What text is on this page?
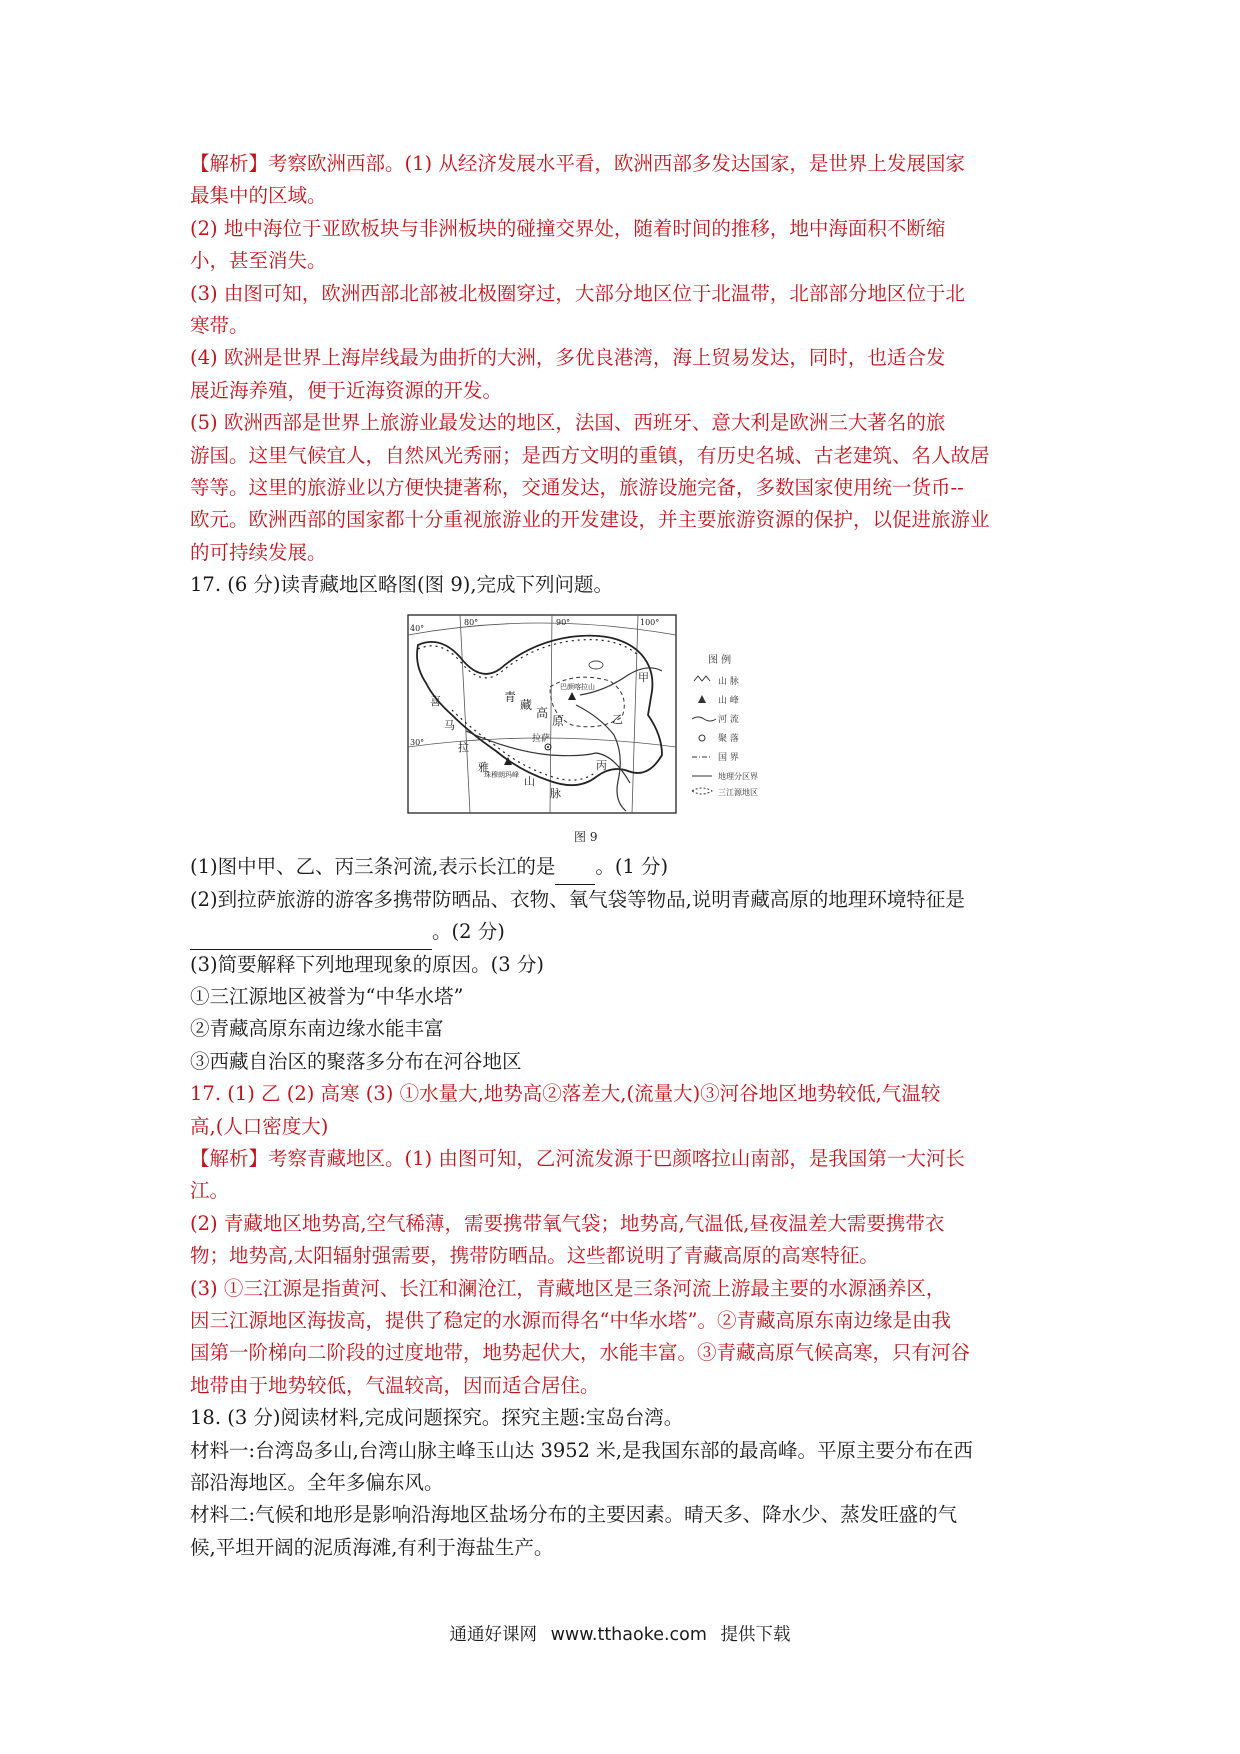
【解析】考察欧洲西部。(1) 从经济发展水平看，欧洲西部多发达国家，是世界上发展国家
最集中的区域。
(2) 地中海位于亚欧板块与非洲板块的碰撞交界处，随着时间的推移，地中海面积不断缩
小，甚至消失。
(3) 由图可知，欧洲西部北部被北极圈穿过，大部分地区位于北温带，北部部分地区位于北
寒带。
(4) 欧洲是世界上海岸线最为曲折的大洲，多优良港湾，海上贸易发达，同时，也适合发
展近海养殖，便于近海资源的开发。
(5) 欧洲西部是世界上旅游业最发达的地区，法国、西班牙、意大利是欧洲三大著名的旅
游国。这里气候宜人，自然风光秀丽；是西方文明的重镇，有历史名城、古老建筑、名人故居
等等。这里的旅游业以方便快捷著称，交通发达，旅游设施完备，多数国家使用统一货币--
欧元。欧洲西部的国家都十分重视旅游业的开发建设，并主要旅游资源的保护，以促进旅游业
的可持续发展。
17. (6 分)读青藏地区略图(图 9),完成下列问题。
甲
乙
丙
拉萨
青
藏
高
原
喜
马
拉
雅
山
脉
巴颜喀拉山
珠穆朗玛峰
40°
30°
80°	90°	100°
图 例
山 脉
山 峰
河 流
聚 落
国 界
地理分区界
三江源地区
图 9
(1)图中甲、乙、丙三条河流,表示长江的是 。(1 分)
(2)到拉萨旅游的游客多携带防晒品、衣物、氧气袋等物品,说明青藏高原的地理环境特征是
。(2 分)
(3)简要解释下列地理现象的原因。(3 分)
①三江源地区被誉为“中华水塔”
②青藏高原东南边缘水能丰富
③西藏自治区的聚落多分布在河谷地区
17. (1) 乙 (2) 高寒 (3) ①水量大,地势高②落差大,(流量大)③河谷地区地势较低,气温较
高,(人口密度大)
【解析】考察青藏地区。(1) 由图可知，乙河流发源于巴颜喀拉山南部，是我国第一大河长
江。
(2) 青藏地区地势高,空气稀薄，需要携带氧气袋；地势高,气温低,昼夜温差大需要携带衣
物；地势高,太阳辐射强需要，携带防晒品。这些都说明了青藏高原的高寒特征。
(3) ①三江源是指黄河、长江和澜沧江，青藏地区是三条河流上游最主要的水源涵养区，
因三江源地区海拔高，提供了稳定的水源而得名“中华水塔”。②青藏高原东南边缘是由我
国第一阶梯向二阶段的过度地带，地势起伏大，水能丰富。③青藏高原气候高寒，只有河谷
地带由于地势较低，气温较高，因而适合居住。
18. (3 分)阅读材料,完成问题探究。探究主题:宝岛台湾。
材料一:台湾岛多山,台湾山脉主峰玉山达 3952 米,是我国东部的最高峰。平原主要分布在西
部沿海地区。全年多偏东风。
材料二:气候和地形是影响沿海地区盐场分布的主要因素。晴天多、降水少、蒸发旺盛的气
候,平坦开阔的泥质海滩,有利于海盐生产。
通通好课网 www.tthaoke.com 提供下载
